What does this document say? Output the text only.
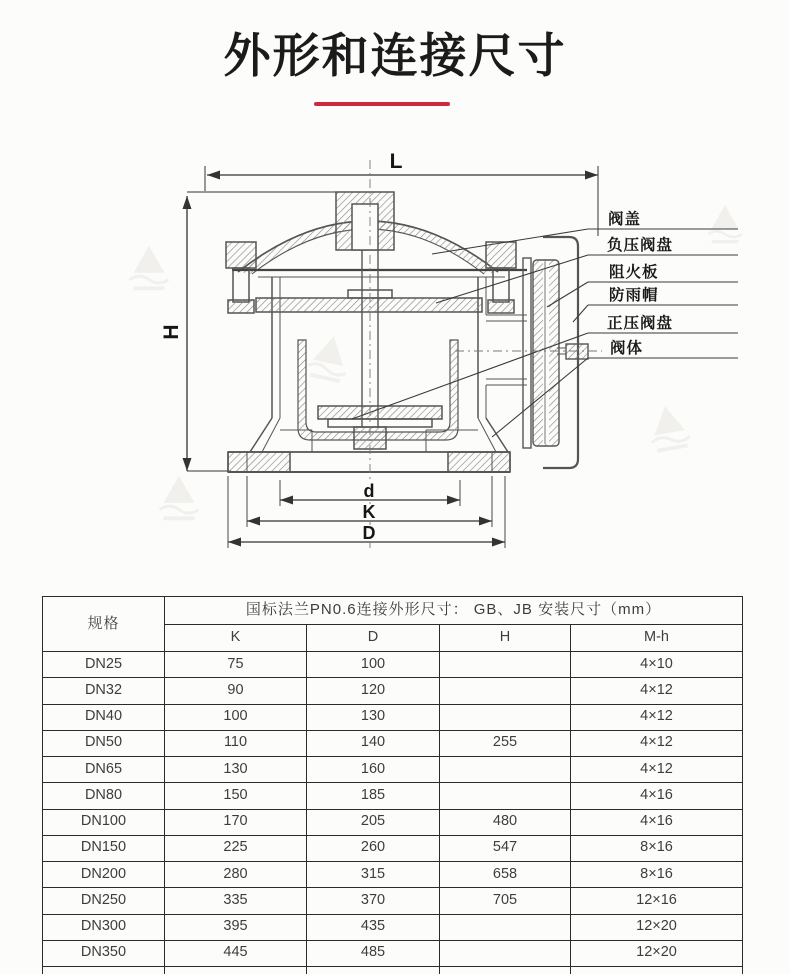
外形和连接尺寸
L
H
阀盖
负压阀盘
阻火板
防雨帽
正压阀盘
阀体
d
K
D
规格	国标法兰PN0.6连接外形尺寸： GB、JB 安装尺寸（mm）			
	K	D	H	M-h
DN25	75	100		4×10
DN32	90	120		4×12
DN40	100	130		4×12
DN50	110	140	255	4×12
DN65	130	160		4×12
DN80	150	185		4×16
DN100	170	205	480	4×16
DN150	225	260	547	8×16
DN200	280	315	658	8×16
DN250	335	370	705	12×16
DN300	395	435		12×20
DN350	445	485		12×20
